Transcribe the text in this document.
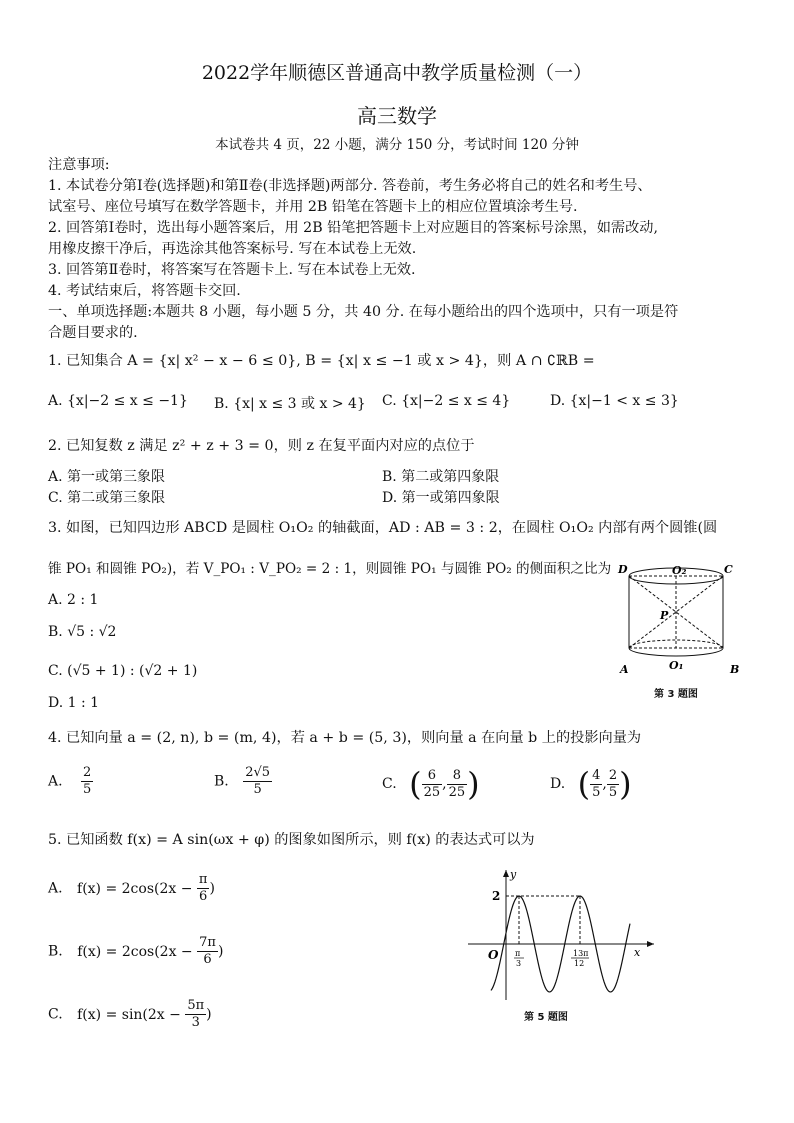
2022学年顺德区普通高中教学质量检测（一）
高三数学
本试卷共 4 页，22 小题，满分 150 分，考试时间 120 分钟
注意事项:
1. 本试卷分第Ⅰ卷(选择题)和第Ⅱ卷(非选择题)两部分. 答卷前，考生务必将自己的姓名和考生号、
试室号、座位号填写在数学答题卡，并用 2B 铅笔在答题卡上的相应位置填涂考生号.
2. 回答第Ⅰ卷时，选出每小题答案后，用 2B 铅笔把答题卡上对应题目的答案标号涂黑，如需改动,
用橡皮擦干净后，再选涂其他答案标号. 写在本试卷上无效.
3. 回答第Ⅱ卷时，将答案写在答题卡上. 写在本试卷上无效.
4. 考试结束后，将答题卡交回.
一、单项选择题:本题共 8 小题，每小题 5 分，共 40 分. 在每小题给出的四个选项中，只有一项是符
合题目要求的.
1. 已知集合 A = {x| x² − x − 6 ≤ 0}, B = {x| x ≤ −1 或 x > 4}，则 A ∩ ∁ℝB =
A. {x|−2 ≤ x ≤ −1} B. {x| x ≤ 3 或 x > 4} C. {x|−2 ≤ x ≤ 4}	D. {x|−1 < x ≤ 3}
2. 已知复数 z 满足 z² + z + 3 = 0，则 z 在复平面内对应的点位于
A. 第一或第三象限	B. 第二或第四象限
C. 第二或第三象限	D. 第一或第四象限
3. 如图，已知四边形 ABCD 是圆柱 O₁O₂ 的轴截面，AD : AB = 3 : 2，在圆柱 O₁O₂ 内部有两个圆锥(圆
锥 PO₁ 和圆锥 PO₂)，若 V_PO₁ : V_PO₂ = 2 : 1，则圆锥 PO₁ 与圆锥 PO₂ 的侧面积之比为
A. 2 : 1
B. √5 : √2
C. (√5 + 1) : (√2 + 1)
D. 1 : 1
D	O₂	C
P
A	O₁	B
第 3 题图
4. 已知向量 a = (2, n), b = (m, 4)，若 a + b = (5, 3)，则向量 a 在向量 b 上的投影向量为
A. $\frac{2}{5}$	B. $\frac{2√5}{5}$	C. ( $\frac{6}{25}$ , $\frac{8}{25}$ )	D. ( $\frac{4}{5}$ , $\frac{2}{5}$ )
5. 已知函数 f(x) = A sin(ωx + φ) 的图象如图所示，则 f(x) 的表达式可以为
A. $f(x) = 2\cos(2x - \frac{\pi}{6}$ )
B. $f(x) = 2\cos(2x - \frac{7\pi}{6}$ )
C. $f(x) = \sin(2x - \frac{5\pi}{3}$ )
y
x
O
2
π
3
13π
12
第 5 题图
